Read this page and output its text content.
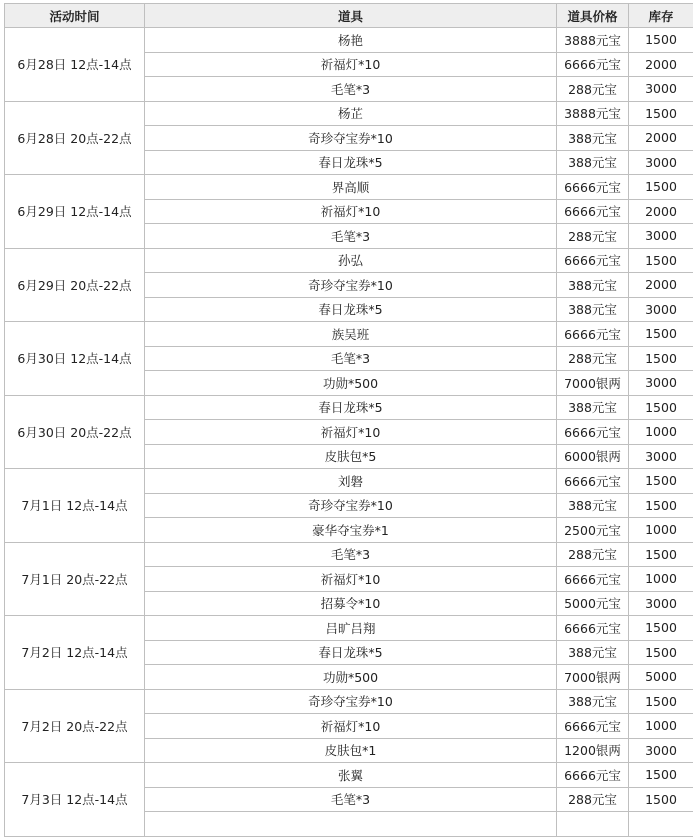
活动时间	道具	道具价格	库存
6月28日 12点-14点	杨艳	3888元宝	1500
	祈福灯*10	6666元宝	2000
	毛笔*3	288元宝	3000
6月28日 20点-22点	杨芷	3888元宝	1500
	奇珍夺宝券*10	388元宝	2000
	春日龙珠*5	388元宝	3000
6月29日 12点-14点	界高顺	6666元宝	1500
	祈福灯*10	6666元宝	2000
	毛笔*3	288元宝	3000
6月29日 20点-22点	孙弘	6666元宝	1500
	奇珍夺宝券*10	388元宝	2000
	春日龙珠*5	388元宝	3000
6月30日 12点-14点	族吴班	6666元宝	1500
	毛笔*3	288元宝	1500
	功勋*500	7000银两	3000
6月30日 20点-22点	春日龙珠*5	388元宝	1500
	祈福灯*10	6666元宝	1000
	皮肤包*5	6000银两	3000
7月1日 12点-14点	刘磐	6666元宝	1500
	奇珍夺宝券*10	388元宝	1500
	豪华夺宝券*1	2500元宝	1000
7月1日 20点-22点	毛笔*3	288元宝	1500
	祈福灯*10	6666元宝	1000
	招募令*10	5000元宝	3000
7月2日 12点-14点	吕旷吕翔	6666元宝	1500
	春日龙珠*5	388元宝	1500
	功勋*500	7000银两	5000
7月2日 20点-22点	奇珍夺宝券*10	388元宝	1500
	祈福灯*10	6666元宝	1000
	皮肤包*1	1200银两	3000
7月3日 12点-14点	张翼	6666元宝	1500
	毛笔*3	288元宝	1500
